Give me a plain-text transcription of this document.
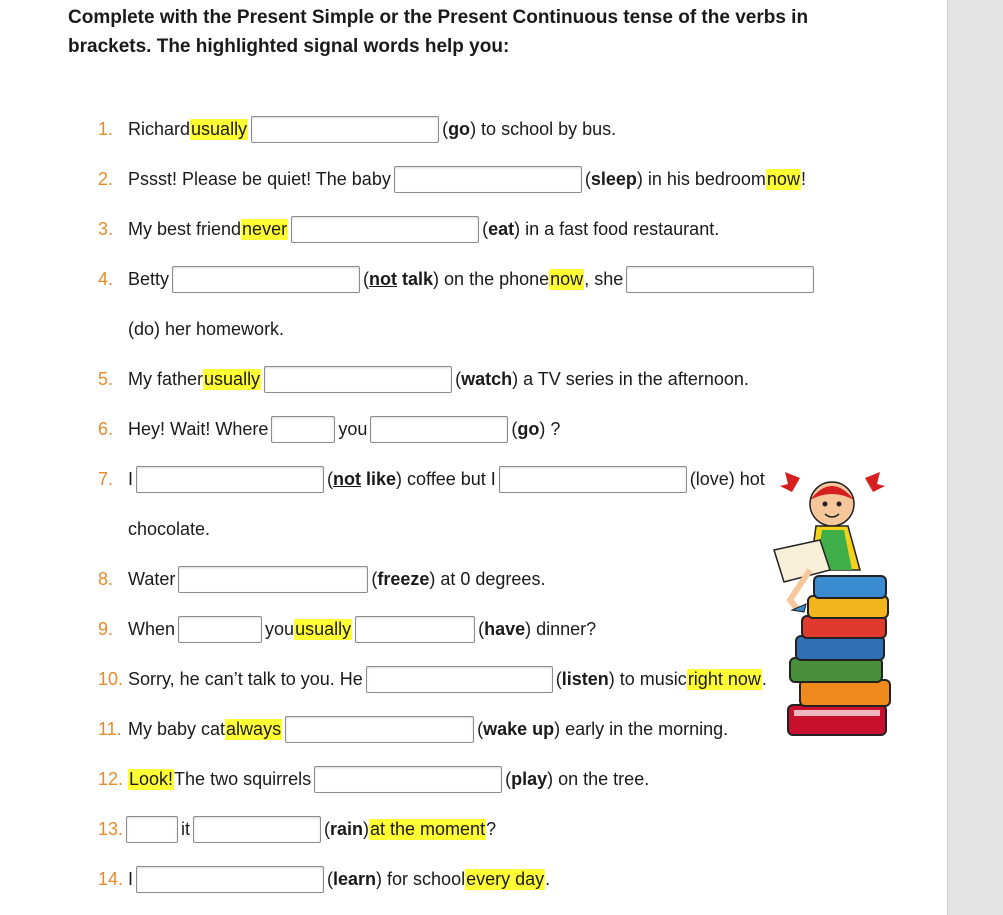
Complete with the Present Simple or the Present Continuous tense of the verbs in brackets. The highlighted signal words help you:

1. Richard usually	( go ) to school by bus.
2. Pssst! Please be quiet! The baby	( sleep ) in his bedroom now !
3. My best friend never	( eat ) in a fast food restaurant.
4. Betty	( not talk ) on the phone now , she
(do) her homework.
5. My father usually	( watch ) a TV series in the afternoon.
6. Hey! Wait! Where	you	( go ) ?
7. I	( not like ) coffee but I	(love) hot
chocolate.
8. Water	( freeze ) at 0 degrees.
9. When	you usually	( have ) dinner?
10. Sorry, he can’t talk to you. He	( listen ) to music right now .
11. My baby cat always	( wake up ) early in the morning.
12. Look! The two squirrels	( play ) on the tree.
13.	it	( rain ) at the moment ?
14. I	( learn ) for school every day .
